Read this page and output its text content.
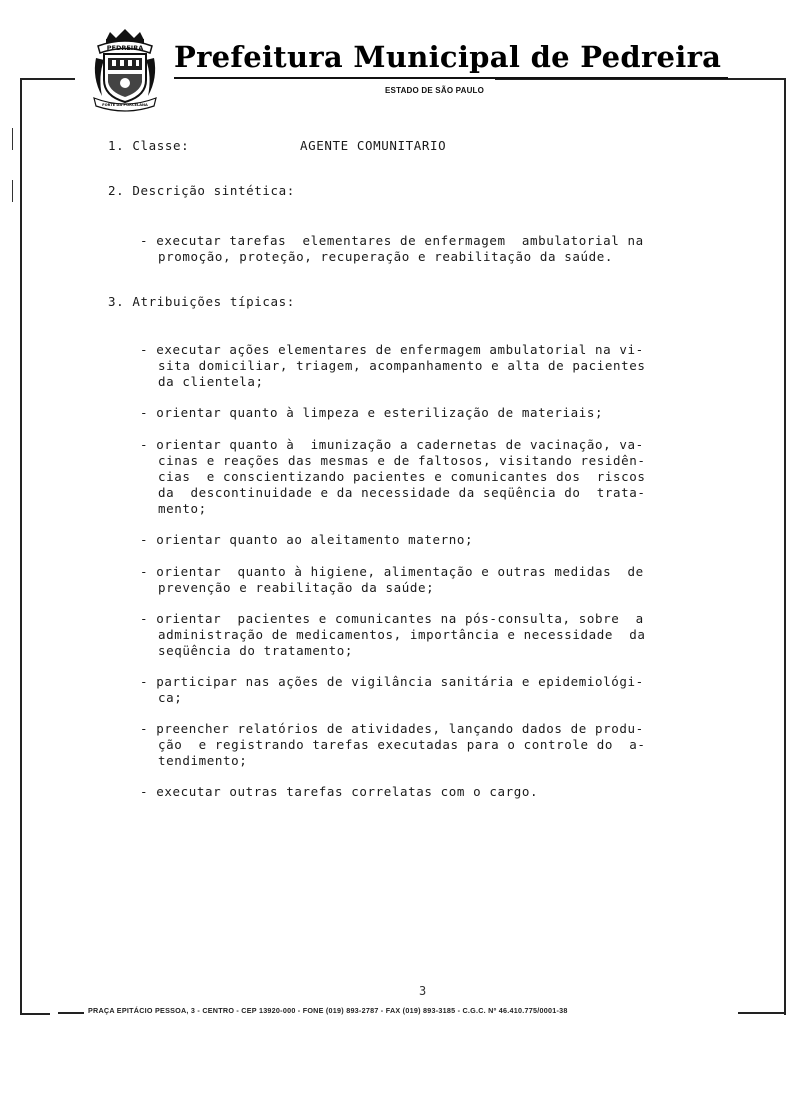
PEDREIRA
FORTE DA PORCELANA
Prefeitura Municipal de Pedreira
ESTADO DE SÃO PAULO
1. Classe:	AGENTE COMUNITARIO
2. Descrição sintética:
- executar tarefas  elementares de enfermagem  ambulatorial na
promoção, proteção, recuperação e reabilitação da saúde.
3. Atribuições típicas:
- executar ações elementares de enfermagem ambulatorial na vi-
sita domiciliar, triagem, acompanhamento e alta de pacientes
da clientela;
- orientar quanto à limpeza e esterilização de materiais;
- orientar quanto à  imunização a cadernetas de vacinação, va-
cinas e reações das mesmas e de faltosos, visitando residên-
cias  e conscientizando pacientes e comunicantes dos  riscos
da  descontinuidade e da necessidade da seqüência do  trata-
mento;
- orientar quanto ao aleitamento materno;
- orientar  quanto à higiene, alimentação e outras medidas  de
prevenção e reabilitação da saúde;
- orientar  pacientes e comunicantes na pós-consulta, sobre  a
administração de medicamentos, importância e necessidade  da
seqüência do tratamento;
- participar nas ações de vigilância sanitária e epidemiológi-
ca;
- preencher relatórios de atividades, lançando dados de produ-
ção  e registrando tarefas executadas para o controle do  a-
tendimento;
- executar outras tarefas correlatas com o cargo.
3
PRAÇA EPITÁCIO PESSOA, 3 - CENTRO - CEP 13920-000 - FONE (019) 893-2787 - FAX (019) 893-3185 - C.G.C. Nº 46.410.775/0001-38
